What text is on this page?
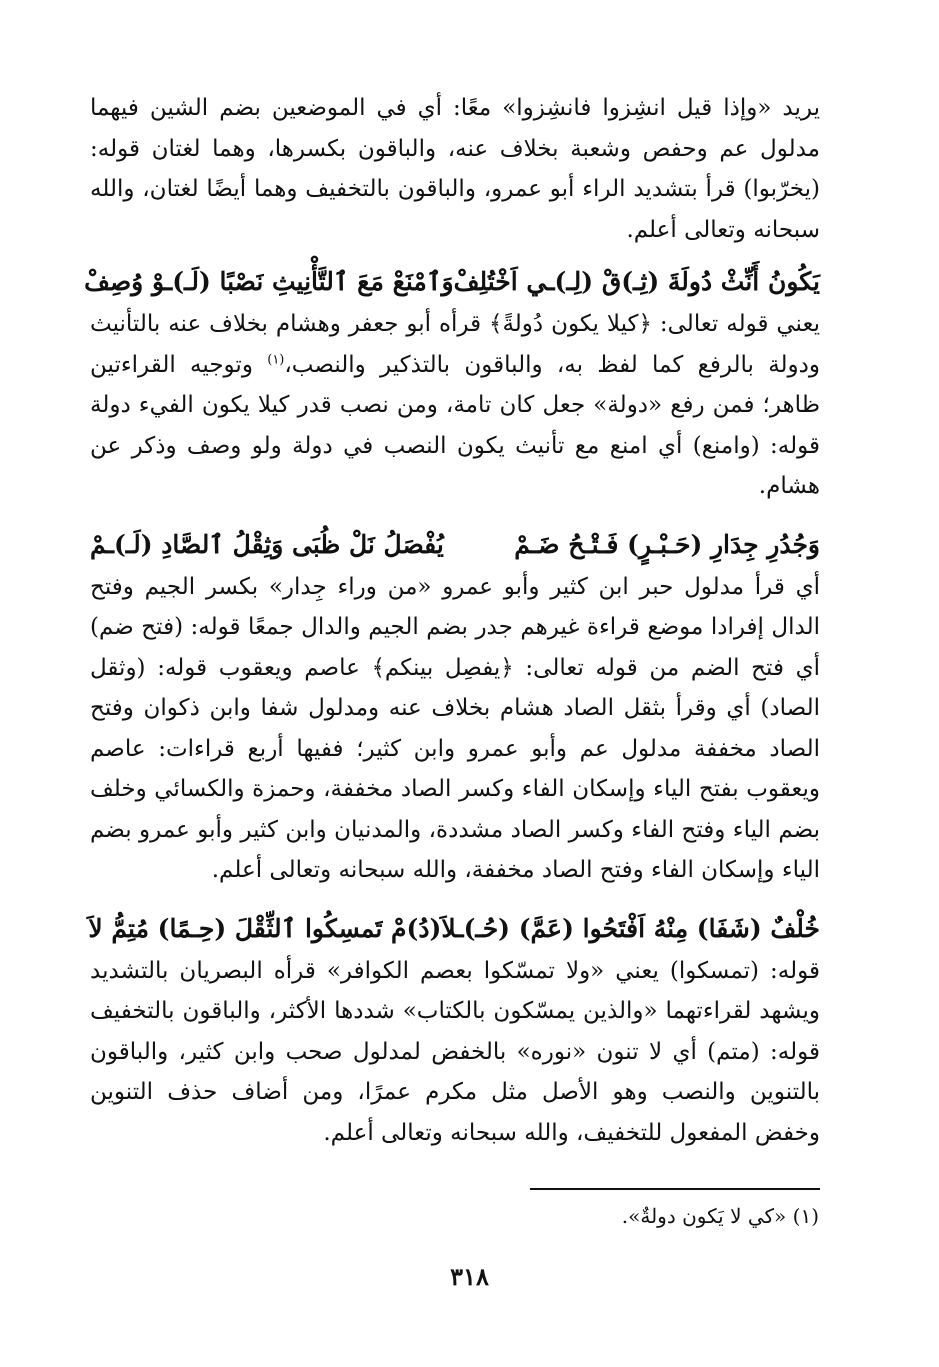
يريد «وإذا قيل انشِزوا فانشِزوا» معًا: أي في الموضعين بضم الشين فيهما مدلول عم وحفص وشعبة بخلاف عنه، والباقون بكسرها، وهما لغتان قوله: (يخرّبوا) قرأ بتشديد الراء أبو عمرو، والباقون بالتخفيف وهما أيضًا لغتان، والله سبحانه وتعالى أعلم.

يَكُونُ أَنِّثْ دُولَةَ (ثِـ)قْ (لِـ)ـي اَخْتُلِفْ
وَٱمْنَعْ مَعَ ٱلتَّأْنِيثِ نَصْبًا (لَـ)ـوْ وُصِفْ

يعني قوله تعالى: ﴿كيلا يكون دُولةً﴾ قرأه أبو جعفر وهشام بخلاف عنه بالتأنيث ودولة بالرفع كما لفظ به، والباقون بالتذكير والنصب،$^{(١)}$ وتوجيه القراءتين ظاهر؛ فمن رفع «دولة» جعل كان تامة، ومن نصب قدر كيلا يكون الفيء دولة قوله: (وامنع) أي امنع مع تأنيث يكون النصب في دولة ولو وصف وذكر عن هشام.

وَجُدُرِ جِدَارِ (حَـبْـرٍ) فَـتْـحُ ضَـمْ
يُفْصَلُ نَلْ ظُبَى وَثِقْلُ ٱلصَّادِ (لَـ)ـمْ

أي قرأ مدلول حبر ابن كثير وأبو عمرو «من وراء جِدار» بكسر الجيم وفتح الدال إفرادا موضع قراءة غيرهم جدر بضم الجيم والدال جمعًا قوله: (فتح ضم) أي فتح الضم من قوله تعالى: ﴿يفصِل بينكم﴾ عاصم ويعقوب قوله: (وثقل الصاد) أي وقرأ بثقل الصاد هشام بخلاف عنه ومدلول شفا وابن ذكوان وفتح الصاد مخففة مدلول عم وأبو عمرو وابن كثير؛ ففيها أربع قراءات: عاصم ويعقوب بفتح الياء وإسكان الفاء وكسر الصاد مخففة، وحمزة والكسائي وخلف بضم الياء وفتح الفاء وكسر الصاد مشددة، والمدنيان وابن كثير وأبو عمرو بضم الياء وإسكان الفاء وفتح الصاد مخففة، والله سبحانه وتعالى أعلم.

خُلْفٌ (شَفَا) مِنْهُ اَفْتَحُوا (عَمَّ) (حُـ)ـلاَ
(دُ)مْ تَمسِكُوا ٱلثِّقْلَ (حِـمًا) مُتِمُّ لاَ

قوله: (تمسكوا) يعني «ولا تمسّكوا بعصم الكوافر» قرأه البصريان بالتشديد ويشهد لقراءتهما «والذين يمسّكون بالكتاب» شددها الأكثر، والباقون بالتخفيف قوله: (متم) أي لا تنون «نوره» بالخفض لمدلول صحب وابن كثير، والباقون بالتنوين والنصب وهو الأصل مثل مكرم عمرًا، ومن أضاف حذف التنوين وخفض المفعول للتخفيف، والله سبحانه وتعالى أعلم.

(١) «كي لا يَكون دولةٌ».
٣١٨
